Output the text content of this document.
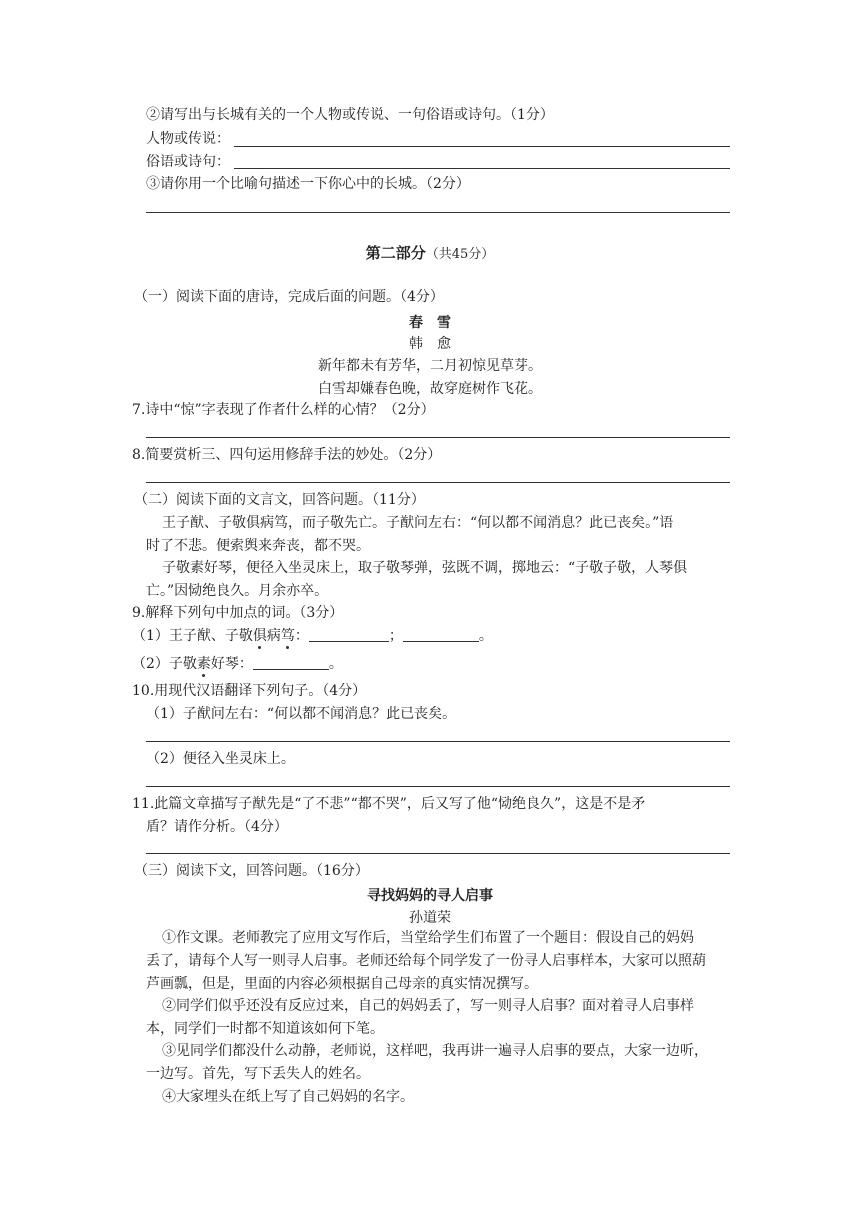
②请写出与长城有关的一个人物或传说、一句俗语或诗句。（1分）
人物或传说：
俗语或诗句：
③请你用一个比喻句描述一下你心中的长城。（2分）
第二部分（共45分）
（一）阅读下面的唐诗，完成后面的问题。（4分）
春　雪
韩　愈
新年都未有芳华，二月初惊见草芽。
白雪却嫌春色晚，故穿庭树作飞花。
7.诗中“惊”字表现了作者什么样的心情？（2分）
8.简要赏析三、四句运用修辞手法的妙处。（2分）
（二）阅读下面的文言文，回答问题。（11分）
王子猷、子敬俱病笃，而子敬先亡。子猷问左右：“何以都不闻消息？此已丧矣。”语
时了不悲。便索舆来奔丧，都不哭。
子敬素好琴，便径入坐灵床上，取子敬琴弹，弦既不调，掷地云：“子敬子敬，人琴俱
亡。”因恸绝良久。月余亦卒。
9.解释下列句中加点的词。（3分）
（1）王子猷、子敬俱病笃：	；	。
（2）子敬素好琴：	。
10.用现代汉语翻译下列句子。（4分）
（1）子猷问左右：“何以都不闻消息？此已丧矣。
（2）便径入坐灵床上。
11.此篇文章描写子猷先是“了不悲”“都不哭”，后又写了他“恸绝良久”，这是不是矛
盾？请作分析。（4分）
（三）阅读下文，回答问题。（16分）
寻找妈妈的寻人启事
孙道荣
①作文课。老师教完了应用文写作后，当堂给学生们布置了一个题目：假设自己的妈妈
丢了，请每个人写一则寻人启事。老师还给每个同学发了一份寻人启事样本，大家可以照葫
芦画瓢，但是，里面的内容必须根据自己母亲的真实情况撰写。
②同学们似乎还没有反应过来，自己的妈妈丢了，写一则寻人启事？面对着寻人启事样
本，同学们一时都不知道该如何下笔。
③见同学们都没什么动静，老师说，这样吧，我再讲一遍寻人启事的要点，大家一边听，
一边写。首先，写下丢失人的姓名。
④大家埋头在纸上写了自己妈妈的名字。
